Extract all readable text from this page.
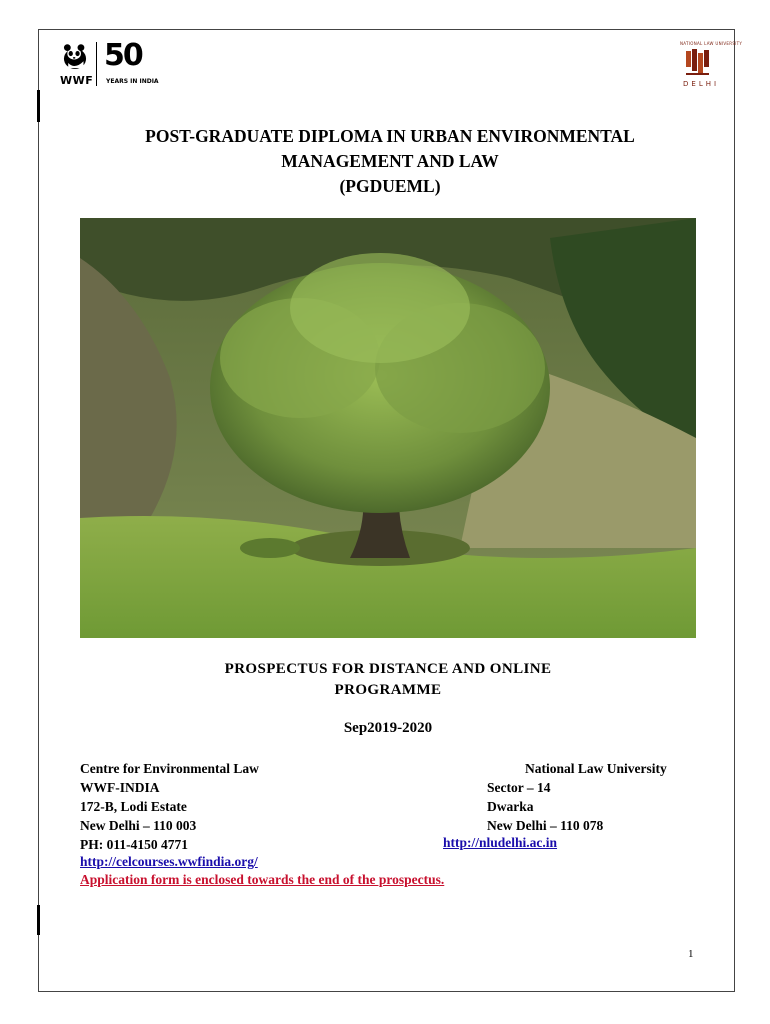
WWF
50
YEARS IN INDIA
NATIONAL LAW UNIVERSITY
DELHI
POST-GRADUATE DIPLOMA IN URBAN ENVIRONMENTAL
MANAGEMENT AND LAW
(PGDUEML)
PROSPECTUS FOR DISTANCE AND ONLINE
PROGRAMME
Sep2019-2020
Centre for Environmental Law
WWF-INDIA
172-B, Lodi Estate
New Delhi – 110 003
PH: 011-4150 4771
National Law University
Sector – 14
Dwarka
New Delhi – 110 078
http://nludelhi.ac.in
http://celcourses.wwfindia.org/
Application form is enclosed towards the end of the prospectus.
1
